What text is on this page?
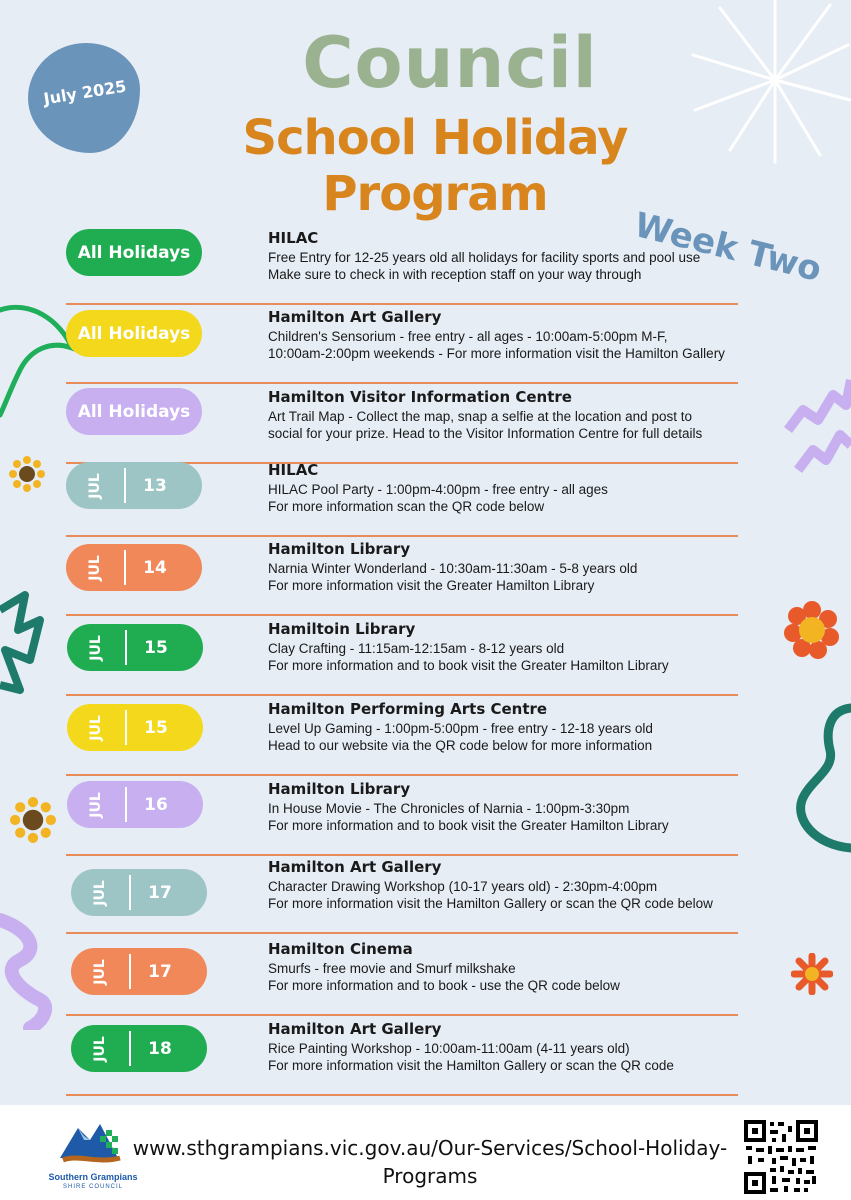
July 2025 Council
School Holiday Program
Week Two
All Holidays
HILAC
Free Entry for 12-25 years old all holidays for facility sports and pool use
Make sure to check in with reception staff on your way through
All Holidays
Hamilton Art Gallery
Children's Sensorium - free entry - all ages - 10:00am-5:00pm M-F,
10:00am-2:00pm weekends - For more information visit the Hamilton Gallery
All Holidays
Hamilton Visitor Information Centre
Art Trail Map - Collect the map, snap a selfie at the location and post to
social for your prize. Head to the Visitor Information Centre for full details
JUL	13
HILAC
HILAC Pool Party - 1:00pm-4:00pm - free entry - all ages
For more information scan the QR code below
JUL	14
Hamilton Library
Narnia Winter Wonderland - 10:30am-11:30am - 5-8 years old
For more information visit the Greater Hamilton Library
JUL	15
Hamiltoin Library
Clay Crafting - 11:15am-12:15am - 8-12 years old
For more information and to book visit the Greater Hamilton Library
JUL	15
Hamilton Performing Arts Centre
Level Up Gaming - 1:00pm-5:00pm - free entry - 12-18 years old
Head to our website via the QR code below for more information
JUL	16
Hamilton Library
In House Movie - The Chronicles of Narnia - 1:00pm-3:30pm
For more information and to book visit the Greater Hamilton Library
JUL	17
Hamilton Art Gallery
Character Drawing Workshop (10-17 years old) - 2:30pm-4:00pm
For more information visit the Hamilton Gallery or scan the QR code below
JUL	17
Hamilton Cinema
Smurfs - free movie and Smurf milkshake
For more information and to book - use the QR code below
JUL	18
Hamilton Art Gallery
Rice Painting Workshop - 10:00am-11:00am (4-11 years old)
For more information visit the Hamilton Gallery or scan the QR code
Southern Grampians
SHIRE COUNCIL
www.sthgrampians.vic.gov.au/Our-Services/School-Holiday-
Programs
